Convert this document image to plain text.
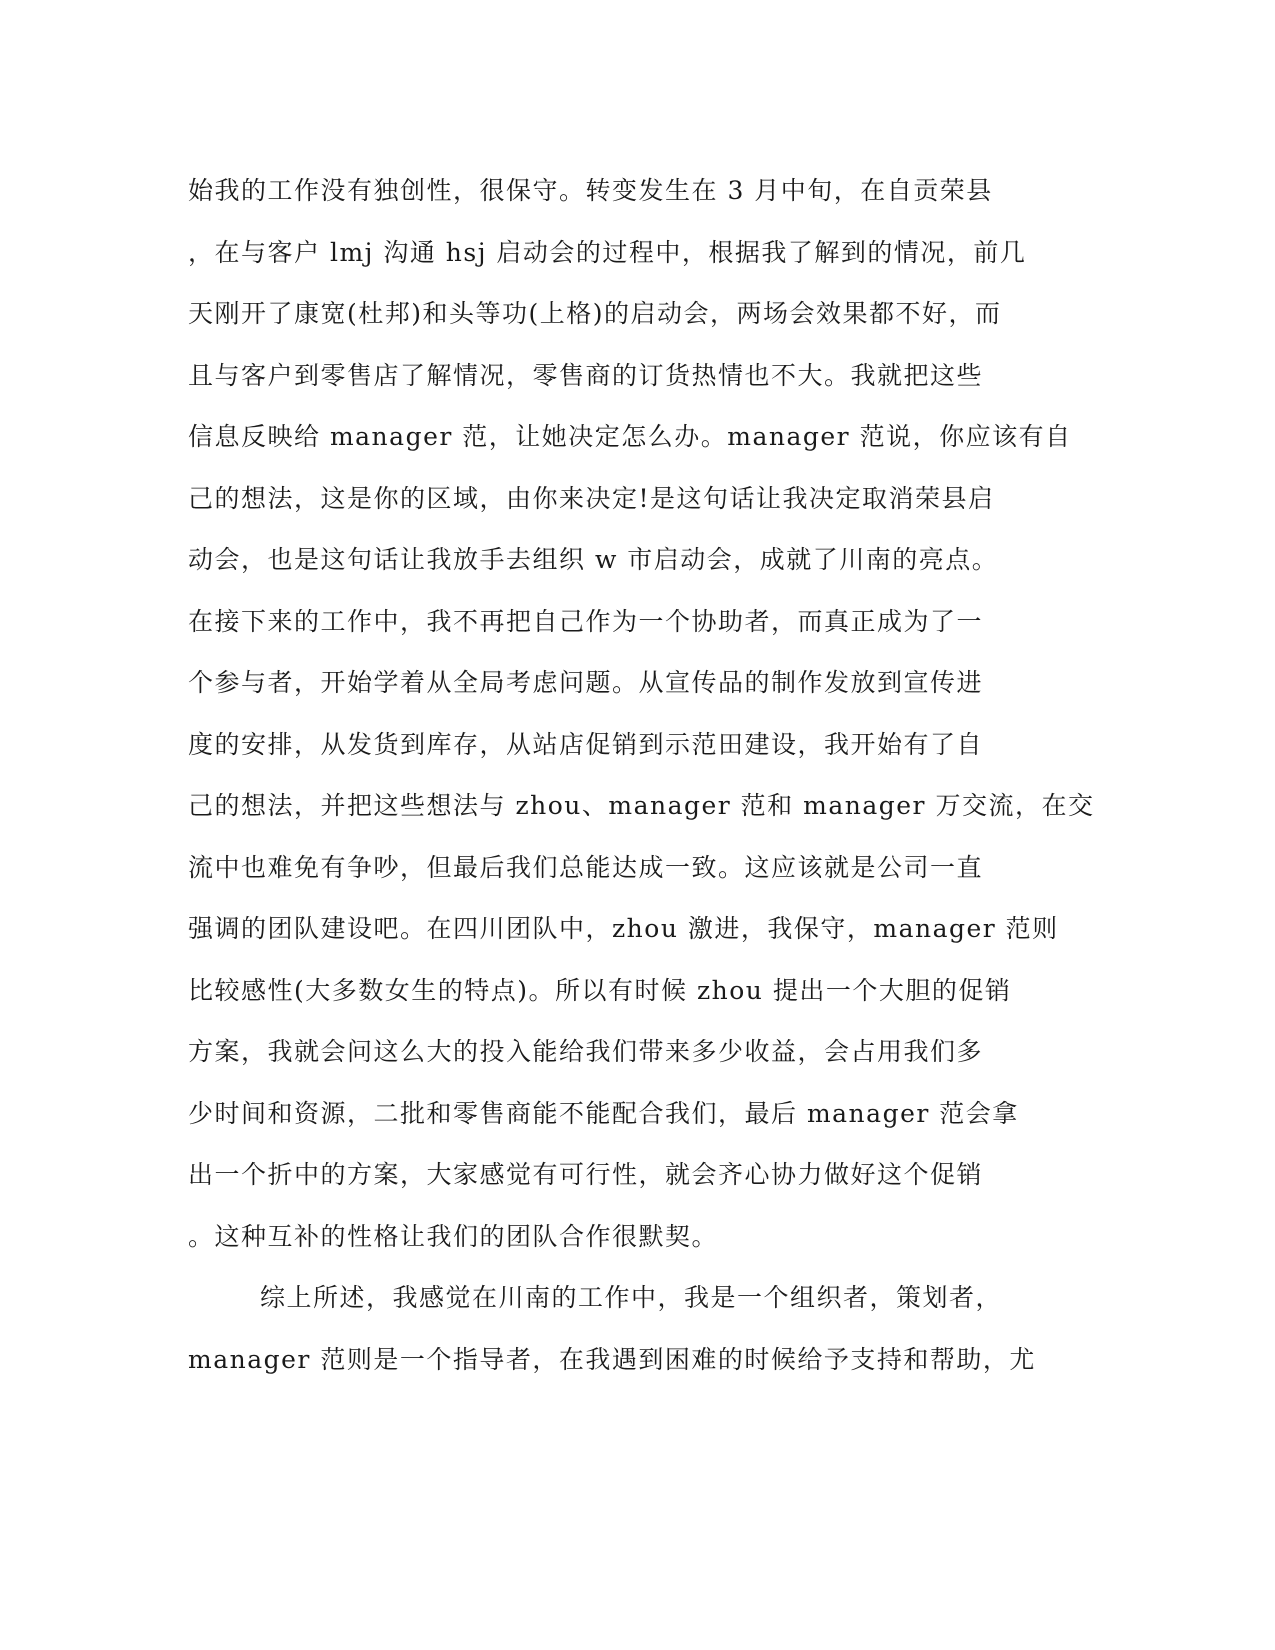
始我的工作没有独创性，很保守。转变发生在 3 月中旬，在自贡荣县
，在与客户 lmj 沟通 hsj 启动会的过程中，根据我了解到的情况，前几
天刚开了康宽(杜邦)和头等功(上格)的启动会，两场会效果都不好，而
且与客户到零售店了解情况，零售商的订货热情也不大。我就把这些
信息反映给 manager 范，让她决定怎么办。manager 范说，你应该有自
己的想法，这是你的区域，由你来决定!是这句话让我决定取消荣县启
动会，也是这句话让我放手去组织 w 市启动会，成就了川南的亮点。
在接下来的工作中，我不再把自己作为一个协助者，而真正成为了一
个参与者，开始学着从全局考虑问题。从宣传品的制作发放到宣传进
度的安排，从发货到库存，从站店促销到示范田建设，我开始有了自
己的想法，并把这些想法与 zhou、manager 范和 manager 万交流，在交
流中也难免有争吵，但最后我们总能达成一致。这应该就是公司一直
强调的团队建设吧。在四川团队中，zhou 激进，我保守，manager 范则
比较感性(大多数女生的特点)。所以有时候 zhou 提出一个大胆的促销
方案，我就会问这么大的投入能给我们带来多少收益，会占用我们多
少时间和资源，二批和零售商能不能配合我们，最后 manager 范会拿
出一个折中的方案，大家感觉有可行性，就会齐心协力做好这个促销
。这种互补的性格让我们的团队合作很默契。
综上所述，我感觉在川南的工作中，我是一个组织者，策划者，
manager 范则是一个指导者，在我遇到困难的时候给予支持和帮助，尤
